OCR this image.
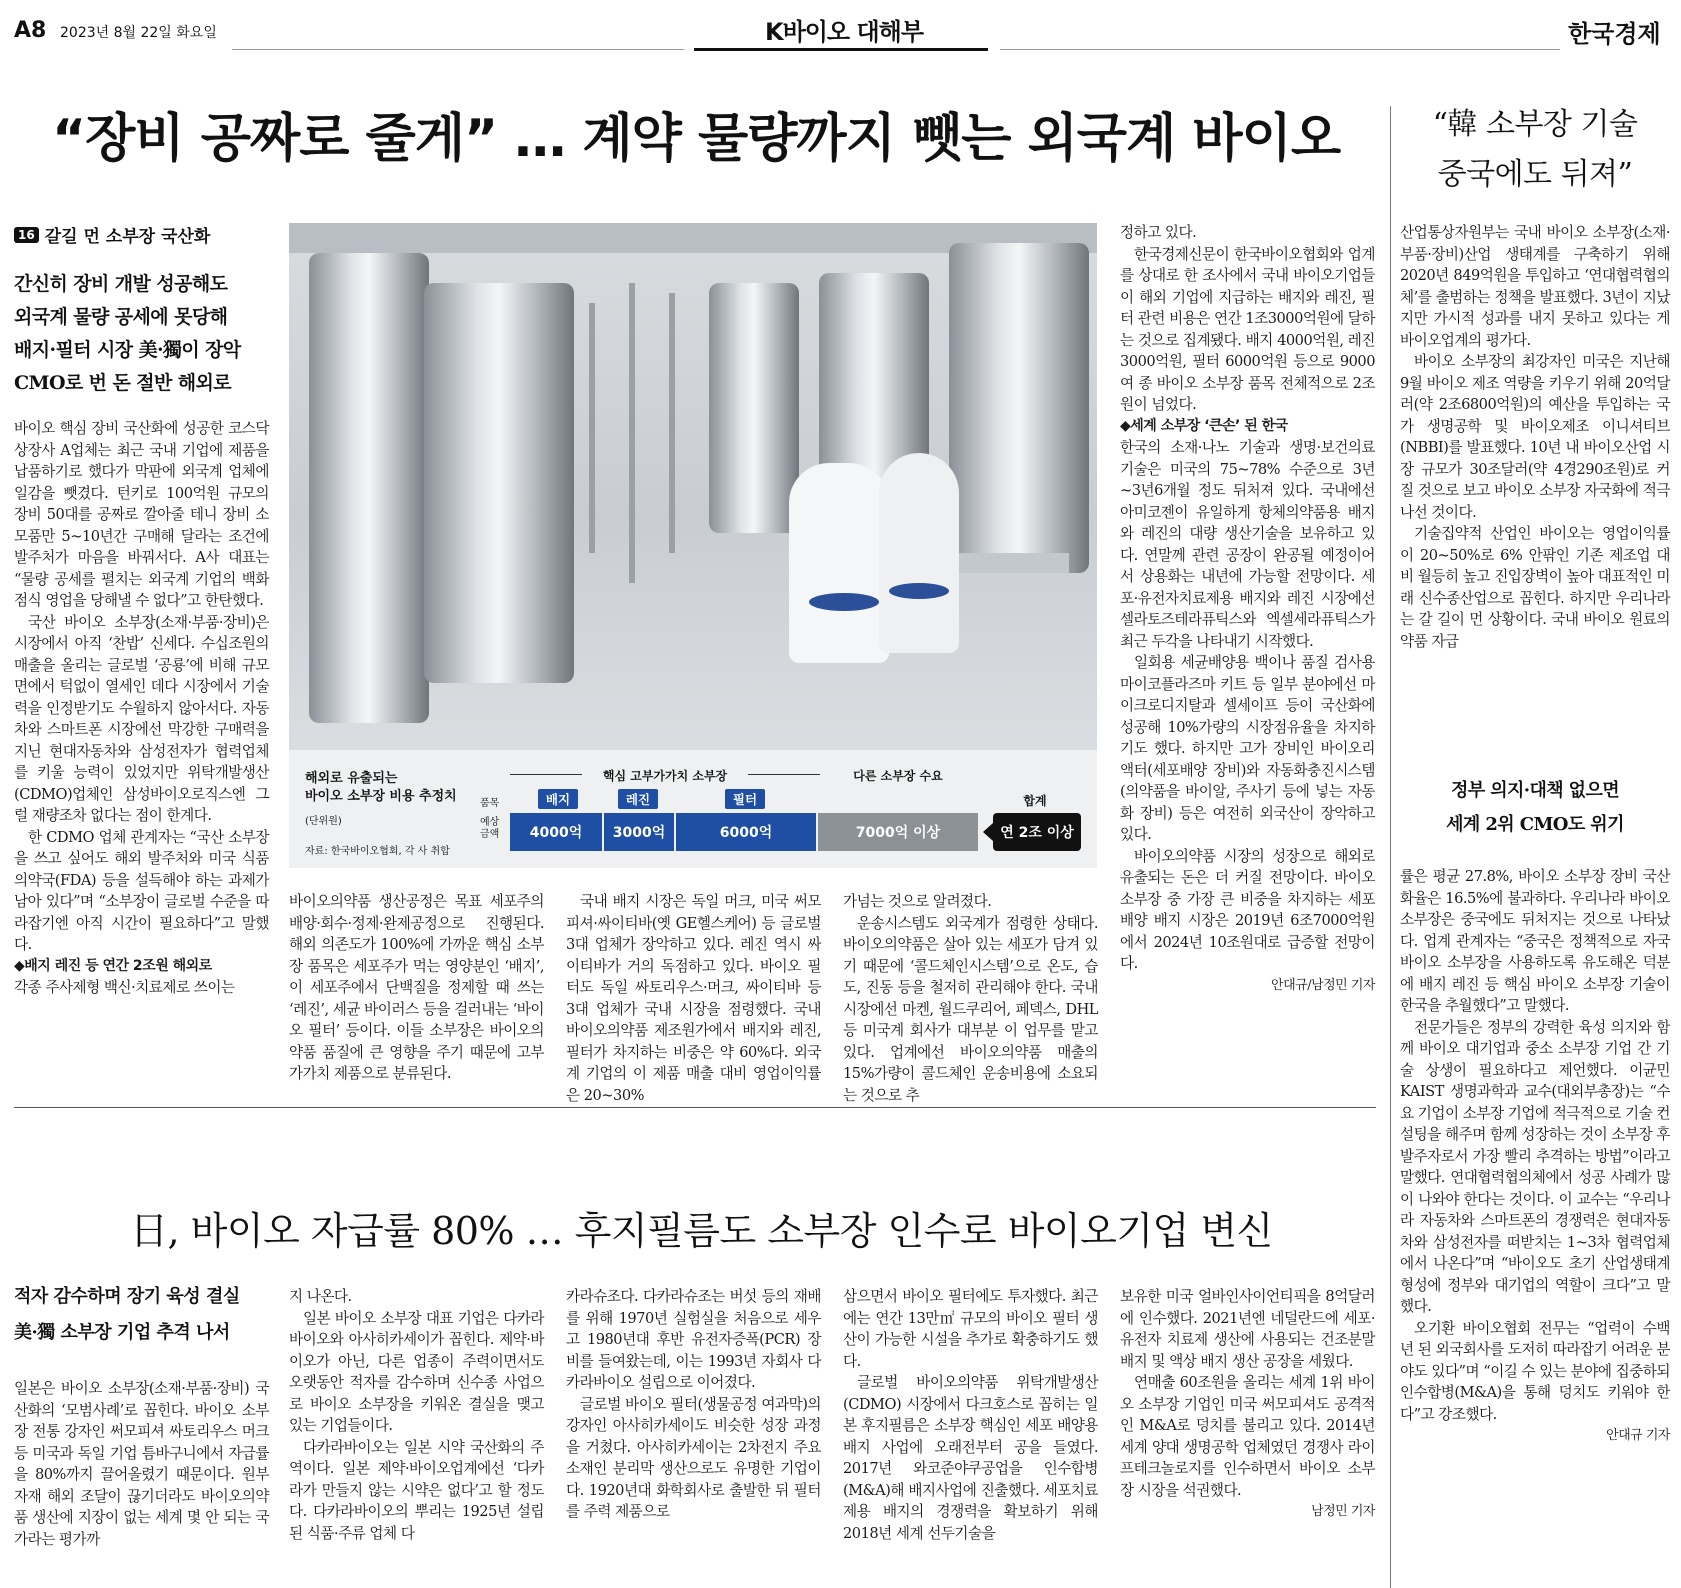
A8 2023년 8월 22일 화요일	K바이오 대해부	한국경제
“장비 공짜로 줄게” … 계약 물량까지 뺏는 외국계 바이오
16 갈길 먼 소부장 국산화
간신히 장비 개발 성공해도
외국계 물량 공세에 못당해
배지·필터 시장 美·獨이 장악
CMO로 번 돈 절반 해외로

바이오 핵심 장비 국산화에 성공한 코스닥 상장사 A업체는 최근 국내 기업에 제품을 납품하기로 했다가 막판에 외국계 업체에 일감을 뺏겼다. 턴키로 100억원 규모의 장비 50대를 공짜로 깔아줄 테니 장비 소모품만 5~10년간 구매해 달라는 조건에 발주처가 마음을 바꿔서다. A사 대표는 “물량 공세를 펼치는 외국계 기업의 백화점식 영업을 당해낼 수 없다”고 한탄했다.

국산 바이오 소부장(소재·부품·장비)은 시장에서 아직 ‘찬밥’ 신세다. 수십조원의 매출을 올리는 글로벌 ‘공룡’에 비해 규모 면에서 턱없이 열세인 데다 시장에서 기술력을 인정받기도 수월하지 않아서다. 자동차와 스마트폰 시장에선 막강한 구매력을 지닌 현대자동차와 삼성전자가 협력업체를 키울 능력이 있었지만 위탁개발생산(CDMO)업체인 삼성바이오로직스엔 그럴 재량조차 없다는 점이 한계다.

한 CDMO 업체 관계자는 “국산 소부장을 쓰고 싶어도 해외 발주처와 미국 식품의약국(FDA) 등을 설득해야 하는 과제가 남아 있다”며 “소부장이 글로벌 수준을 따라잡기엔 아직 시간이 필요하다”고 말했다.

◆배지 레진 등 연간 2조원 해외로

각종 주사제형 백신·치료제로 쓰이는

해외로 유출되는
바이오 소부장 비용 추정치
(단위원)
자료: 한국바이오협회, 각 사 취합
핵심 고부가가치 소부장	다른 소부장 수요
합계
품목
예상
금액
배지	레진	필터
4000억	3000억	6000억	7000억 이상	연 2조 이상

바이오의약품 생산공정은 목표 세포주의 배양·회수·정제·완제공정으로 진행된다. 해외 의존도가 100%에 가까운 핵심 소부장 품목은 세포주가 먹는 영양분인 ‘배지’, 이 세포주에서 단백질을 정제할 때 쓰는 ‘레진’, 세균 바이러스 등을 걸러내는 ‘바이오 필터’ 등이다. 이들 소부장은 바이오의약품 품질에 큰 영향을 주기 때문에 고부가가치 제품으로 분류된다.

국내 배지 시장은 독일 머크, 미국 써모피셔·싸이티바(옛 GE헬스케어) 등 글로벌 3대 업체가 장악하고 있다. 레진 역시 싸이티바가 거의 독점하고 있다. 바이오 필터도 독일 싸토리우스·머크, 싸이티바 등 3대 업체가 국내 시장을 점령했다. 국내 바이오의약품 제조원가에서 배지와 레진, 필터가 차지하는 비중은 약 60%다. 외국계 기업의 이 제품 매출 대비 영업이익률은 20~30%

가넘는 것으로 알려졌다.

운송시스템도 외국계가 점령한 상태다. 바이오의약품은 살아 있는 세포가 담겨 있기 때문에 ‘콜드체인시스템’으로 온도, 습도, 진동 등을 철저히 관리해야 한다. 국내 시장에선 마켄, 월드쿠리어, 페덱스, DHL 등 미국계 회사가 대부분 이 업무를 맡고 있다. 업계에선 바이오의약품 매출의 15%가량이 콜드체인 운송비용에 소요되는 것으로 추

정하고 있다.

한국경제신문이 한국바이오협회와 업계를 상대로 한 조사에서 국내 바이오기업들이 해외 기업에 지급하는 배지와 레진, 필터 관련 비용은 연간 1조3000억원에 달하는 것으로 집계됐다. 배지 4000억원, 레진 3000억원, 필터 6000억원 등으로 9000여 종 바이오 소부장 품목 전체적으로 2조원이 넘었다.

◆세계 소부장 ‘큰손’ 된 한국

한국의 소재·나노 기술과 생명·보건의료 기술은 미국의 75~78% 수준으로 3년~3년6개월 정도 뒤처져 있다. 국내에선 아미코젠이 유일하게 항체의약품용 배지와 레진의 대량 생산기술을 보유하고 있다. 연말께 관련 공장이 완공될 예정이어서 상용화는 내년에 가능할 전망이다. 세포·유전자치료제용 배지와 레진 시장에선 셀라토즈테라퓨틱스와 엑셀세라퓨틱스가 최근 두각을 나타내기 시작했다.

일회용 세균배양용 백이나 품질 검사용 마이코플라즈마 키트 등 일부 분야에선 마이크로디지탈과 셀세이프 등이 국산화에 성공해 10%가량의 시장점유율을 차지하기도 했다. 하지만 고가 장비인 바이오리액터(세포배양 장비)와 자동화충진시스템(의약품을 바이알, 주사기 등에 넣는 자동화 장비) 등은 여전히 외국산이 장악하고 있다.

바이오의약품 시장의 성장으로 해외로 유출되는 돈은 더 커질 전망이다. 바이오 소부장 중 가장 큰 비중을 차지하는 세포 배양 배지 시장은 2019년 6조7000억원에서 2024년 10조원대로 급증할 전망이다.

안대규/남정민 기자

“韓 소부장 기술
중국에도 뒤져”

산업통상자원부는 국내 바이오 소부장(소재·부품·장비)산업 생태계를 구축하기 위해 2020년 849억원을 투입하고 ‘연대협력협의체’를 출범하는 정책을 발표했다. 3년이 지났지만 가시적 성과를 내지 못하고 있다는 게 바이오업계의 평가다.

바이오 소부장의 최강자인 미국은 지난해 9월 바이오 제조 역량을 키우기 위해 20억달러(약 2조6800억원)의 예산을 투입하는 국가 생명공학 및 바이오제조 이니셔티브(NBBI)를 발표했다. 10년 내 바이오산업 시장 규모가 30조달러(약 4경290조원)로 커질 것으로 보고 바이오 소부장 자국화에 적극 나선 것이다.

기술집약적 산업인 바이오는 영업이익률이 20~50%로 6% 안팎인 기존 제조업 대비 월등히 높고 진입장벽이 높아 대표적인 미래 신수종산업으로 꼽힌다. 하지만 우리나라는 갈 길이 먼 상황이다. 국내 바이오 원료의약품 자급

정부 의지·대책 없으면
세계 2위 CMO도 위기

률은 평균 27.8%, 바이오 소부장 장비 국산화율은 16.5%에 불과하다. 우리나라 바이오 소부장은 중국에도 뒤처지는 것으로 나타났다. 업계 관계자는 “중국은 정책적으로 자국 바이오 소부장을 사용하도록 유도해온 덕분에 배지 레진 등 핵심 바이오 소부장 기술이 한국을 추월했다”고 말했다.

전문가들은 정부의 강력한 육성 의지와 함께 바이오 대기업과 중소 소부장 기업 간 기술 상생이 필요하다고 제언했다. 이균민 KAIST 생명과학과 교수(대외부총장)는 “수요 기업이 소부장 기업에 적극적으로 기술 컨설팅을 해주며 함께 성장하는 것이 소부장 후발주자로서 가장 빨리 추격하는 방법”이라고 말했다. 연대협력협의체에서 성공 사례가 많이 나와야 한다는 것이다. 이 교수는 “우리나라 자동차와 스마트폰의 경쟁력은 현대자동차와 삼성전자를 떠받치는 1~3차 협력업체에서 나온다”며 “바이오도 초기 산업생태계 형성에 정부와 대기업의 역할이 크다”고 말했다.

오기환 바이오협회 전무는 “업력이 수백 년 된 외국회사를 도저히 따라잡기 어려운 분야도 있다”며 “이길 수 있는 분야에 집중하되 인수합병(M&A)을 통해 덩치도 키워야 한다”고 강조했다.

안대규 기자

日, 바이오 자급률 80% … 후지필름도 소부장 인수로 바이오기업 변신
적자 감수하며 장기 육성 결실
美·獨 소부장 기업 추격 나서

일본은 바이오 소부장(소재·부품·장비) 국산화의 ‘모범사례’로 꼽힌다. 바이오 소부장 전통 강자인 써모피셔 싸토리우스 머크 등 미국과 독일 기업 틈바구니에서 자급률을 80%까지 끌어올렸기 때문이다. 원부자재 해외 조달이 끊기더라도 바이오의약품 생산에 지장이 없는 세계 몇 안 되는 국가라는 평가까

지 나온다.

일본 바이오 소부장 대표 기업은 다카라바이오와 아사히카세이가 꼽힌다. 제약·바이오가 아닌, 다른 업종이 주력이면서도 오랫동안 적자를 감수하며 신수종 사업으로 바이오 소부장을 키워온 결실을 맺고 있는 기업들이다.

다카라바이오는 일본 시약 국산화의 주역이다. 일본 제약·바이오업계에선 ‘다카라가 만들지 않는 시약은 없다’고 할 정도다. 다카라바이오의 뿌리는 1925년 설립된 식품·주류 업체 다

카라슈조다. 다카라슈조는 버섯 등의 재배를 위해 1970년 실험실을 처음으로 세우고 1980년대 후반 유전자증폭(PCR) 장비를 들여왔는데, 이는 1993년 자회사 다카라바이오 설립으로 이어졌다.

글로벌 바이오 필터(생물공정 여과막)의 강자인 아사히카세이도 비슷한 성장 과정을 거쳤다. 아사히카세이는 2차전지 주요 소재인 분리막 생산으로도 유명한 기업이다. 1920년대 화학회사로 출발한 뒤 필터를 주력 제품으로

삼으면서 바이오 필터에도 투자했다. 최근에는 연간 13만㎡ 규모의 바이오 필터 생산이 가능한 시설을 추가로 확충하기도 했다.

글로벌 바이오의약품 위탁개발생산(CDMO) 시장에서 다크호스로 꼽히는 일본 후지필름은 소부장 핵심인 세포 배양용 배지 사업에 오래전부터 공을 들였다. 2017년 와코준야쿠공업을 인수합병(M&A)해 배지사업에 진출했다. 세포치료제용 배지의 경쟁력을 확보하기 위해 2018년 세계 선두기술을

보유한 미국 얼바인사이언티픽을 8억달러에 인수했다. 2021년엔 네덜란드에 세포·유전자 치료제 생산에 사용되는 건조분말 배지 및 액상 배지 생산 공장을 세웠다.

연매출 60조원을 올리는 세계 1위 바이오 소부장 기업인 미국 써모피셔도 공격적인 M&A로 덩치를 불리고 있다. 2014년 세계 양대 생명공학 업체였던 경쟁사 라이프테크놀로지를 인수하면서 바이오 소부장 시장을 석권했다.

남정민 기자
